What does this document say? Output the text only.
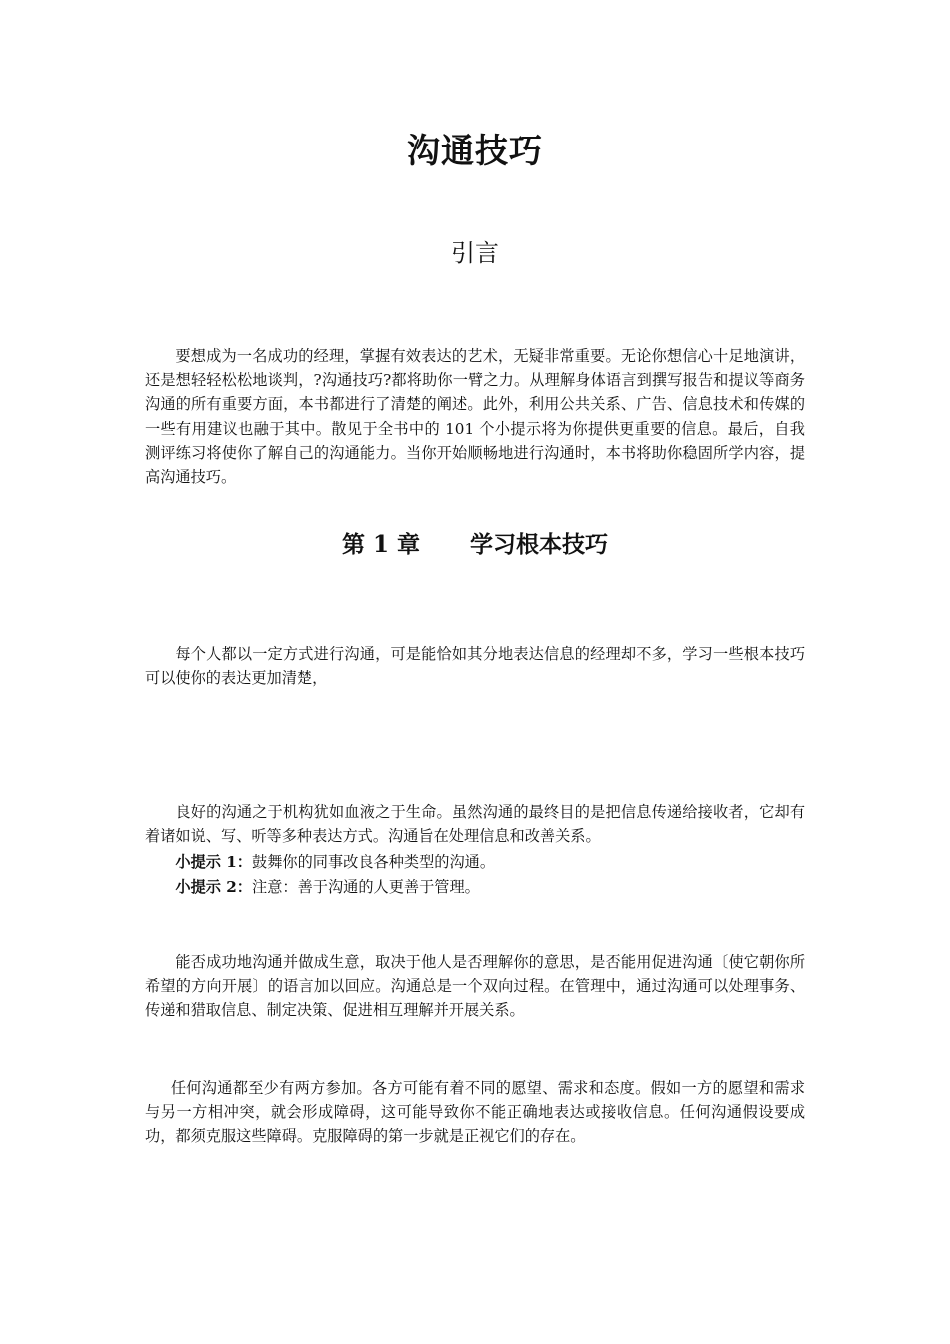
沟通技巧
引言
要想成为一名成功的经理，掌握有效表达的艺术，无疑非常重要。无论你想信心十足地演讲，还是想轻轻松松地谈判，?沟通技巧?都将助你一臂之力。从理解身体语言到撰写报告和提议等商务沟通的所有重要方面，本书都进行了清楚的阐述。此外，利用公共关系、广告、信息技术和传媒的一些有用建议也融于其中。散见于全书中的 101 个小提示将为你提供更重要的信息。最后，自我测评练习将使你了解自己的沟通能力。当你开始顺畅地进行沟通时，本书将助你稳固所学内容，提高沟通技巧。
第 1 章 学习根本技巧
每个人都以一定方式进行沟通，可是能恰如其分地表达信息的经理却不多，学习一些根本技巧可以使你的表达更加清楚，
良好的沟通之于机构犹如血液之于生命。虽然沟通的最终目的是把信息传递给接收者，它却有着诸如说、写、听等多种表达方式。沟通旨在处理信息和改善关系。
小提示 1：鼓舞你的同事改良各种类型的沟通。
小提示 2：注意：善于沟通的人更善于管理。
能否成功地沟通并做成生意，取决于他人是否理解你的意思，是否能用促进沟通〔使它朝你所希望的方向开展〕的语言加以回应。沟通总是一个双向过程。在管理中，通过沟通可以处理事务、传递和猎取信息、制定决策、促进相互理解并开展关系。
任何沟通都至少有两方参加。各方可能有着不同的愿望、需求和态度。假如一方的愿望和需求与另一方相冲突，就会形成障碍，这可能导致你不能正确地表达或接收信息。任何沟通假设要成功，都须克服这些障碍。克服障碍的第一步就是正视它们的存在。
